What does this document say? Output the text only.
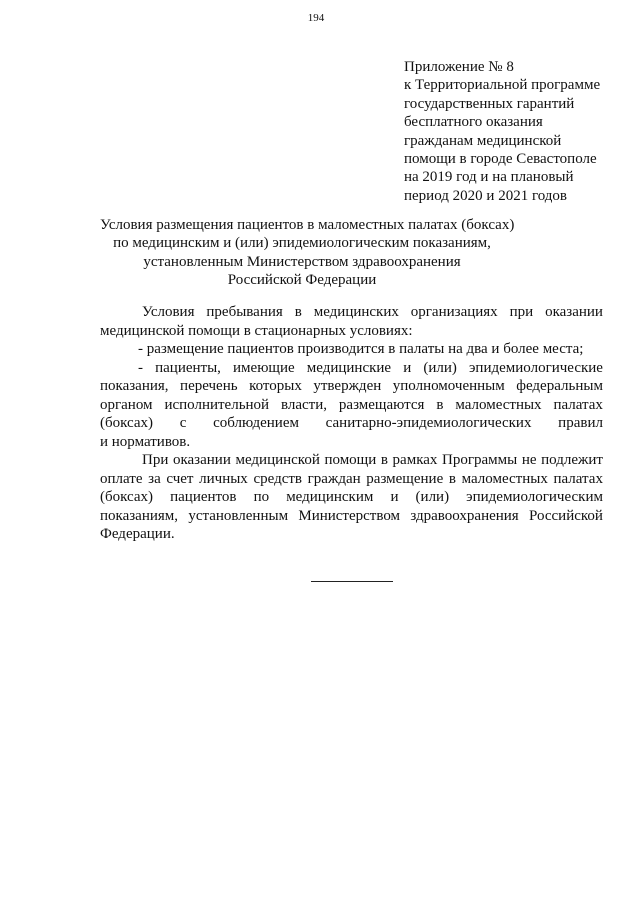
194
Приложение № 8
к Территориальной программе
государственных гарантий
бесплатного оказания
гражданам медицинской
помощи в городе Севастополе
на 2019 год и на плановый
период 2020 и 2021 годов
Условия размещения пациентов в маломестных палатах (боксах)
по медицинским и (или) эпидемиологическим показаниям,
установленным Министерством здравоохранения
Российской Федерации
Условия пребывания в медицинских организациях при оказании
медицинской помощи в стационарных условиях:
- размещение пациентов производится в палаты на два и более места;
- пациенты, имеющие медицинские и (или) эпидемиологические
показания, перечень которых утвержден уполномоченным федеральным
органом исполнительной власти, размещаются в маломестных палатах
(боксах) с соблюдением санитарно-эпидемиологических правил
и нормативов.
При оказании медицинской помощи в рамках Программы не подлежит
оплате за счет личных средств граждан размещение в маломестных палатах
(боксах) пациентов по медицинским и (или) эпидемиологическим
показаниям, установленным Министерством здравоохранения Российской
Федерации.
